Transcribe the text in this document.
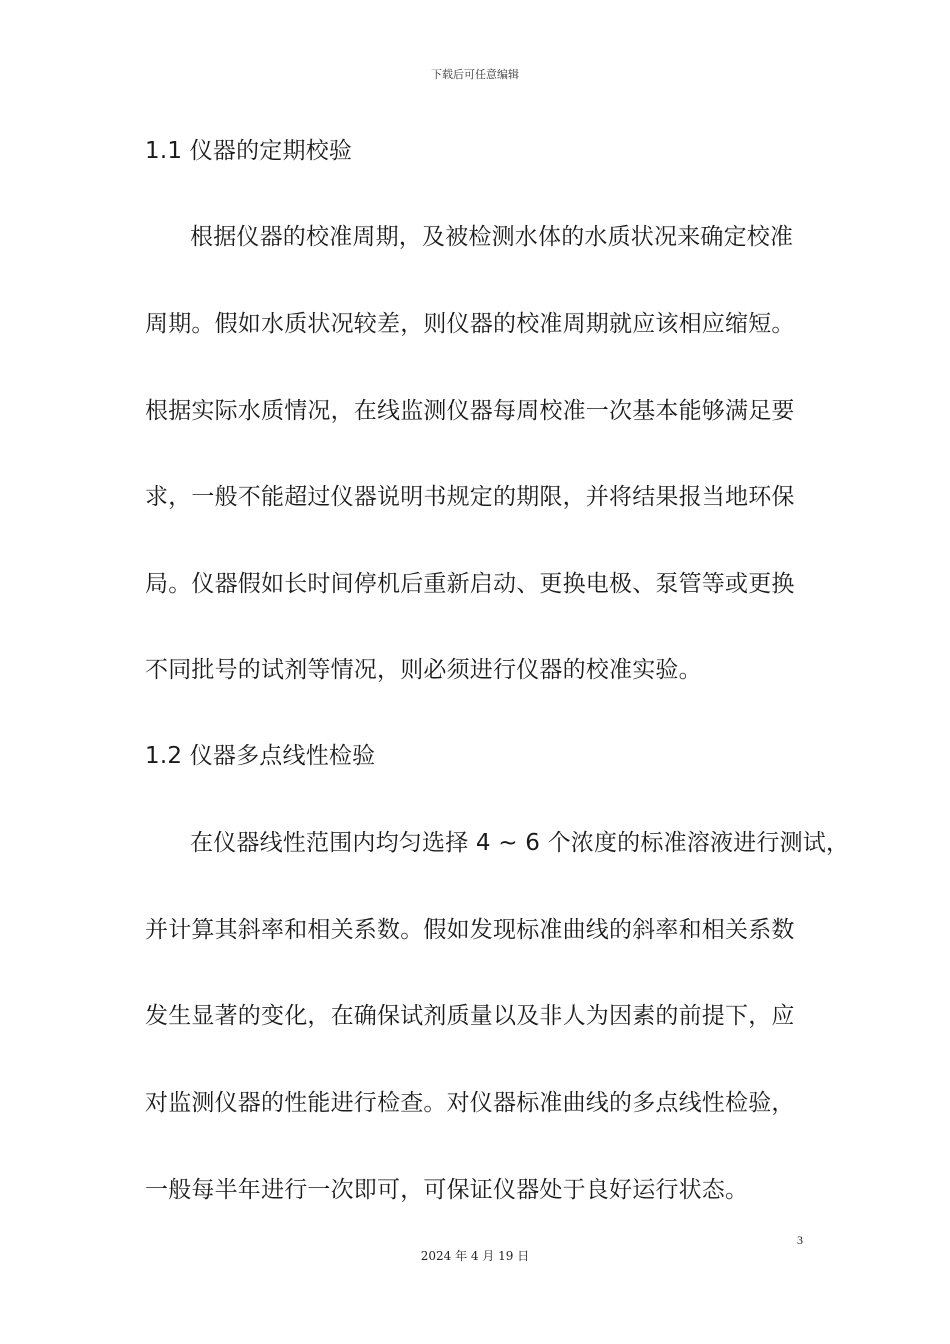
下载后可任意编辑
1.1 仪器的定期校验
根据仪器的校准周期，及被检测水体的水质状况来确定校准
周期。假如水质状况较差，则仪器的校准周期就应该相应缩短。
根据实际水质情况，在线监测仪器每周校准一次基本能够满足要
求，一般不能超过仪器说明书规定的期限，并将结果报当地环保
局。仪器假如长时间停机后重新启动、更换电极、泵管等或更换
不同批号的试剂等情况，则必须进行仪器的校准实验。
1.2 仪器多点线性检验
在仪器线性范围内均匀选择 4 ~ 6 个浓度的标准溶液进行测试，
并计算其斜率和相关系数。假如发现标准曲线的斜率和相关系数
发生显著的变化，在确保试剂质量以及非人为因素的前提下，应
对监测仪器的性能进行检查。对仪器标准曲线的多点线性检验，
一般每半年进行一次即可，可保证仪器处于良好运行状态。
3
2024 年 4 月 19 日
